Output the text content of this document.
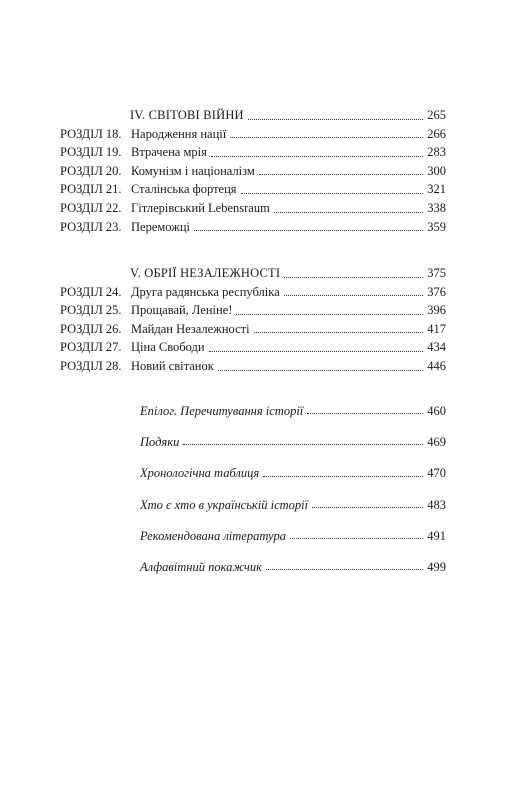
IV. СВІТОВІ ВІЙНИ	265
РОЗДІЛ 18. Народження нації	266
РОЗДІЛ 19. Втрачена мрія	283
РОЗДІЛ 20. Комунізм і націоналізм	300
РОЗДІЛ 21. Сталінська фортеця	321
РОЗДІЛ 22. Гітлерівський Lebensraum	338
РОЗДІЛ 23. Переможці	359
V. ОБРІЇ НЕЗАЛЕЖНОСТІ	375
РОЗДІЛ 24. Друга радянська республіка	376
РОЗДІЛ 25. Прощавай, Леніне!	396
РОЗДІЛ 26. Майдан Незалежності	417
РОЗДІЛ 27. Ціна Свободи	434
РОЗДІЛ 28. Новий світанок	446
Епілог. Перечитування історії	460
Подяки	469
Хронологічна таблиця	470
Хто є хто в українській історії	483
Рекомендована література	491
Алфавітний покажчик	499
